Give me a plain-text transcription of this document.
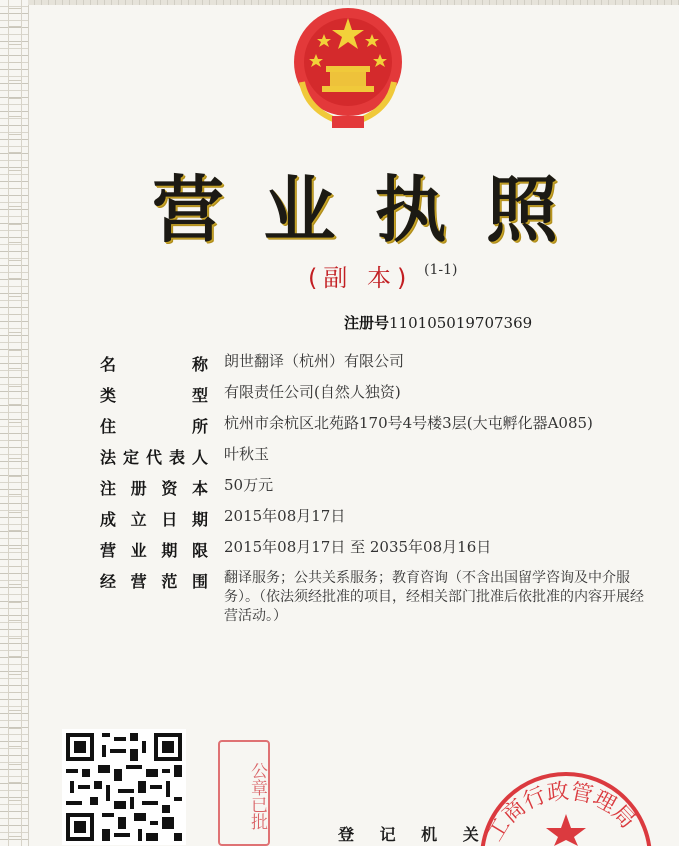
营 业 执 照
(副 本) (1-1)
注册号110105019707369
名	称 朗世翻译（杭州）有限公司
类	型 有限责任公司(自然人独资)
住	所 杭州市余杭区北苑路170号4号楼3层(大屯孵化器A085)
法 定 代 表 人 叶秋玉
注 册 资 本 50万元
成 立 日 期 2015年08月17日
营 业 期 限 2015年08月17日 至 2035年08月16日
经 营 范 围 翻译服务；公共关系服务；教育咨询（不含出国留学咨询及中介服务）。（依法须经批准的项目，经相关部门批准后依批准的内容开展经营活动。）
公章已批
登 记 机 关
工商行政管理局
